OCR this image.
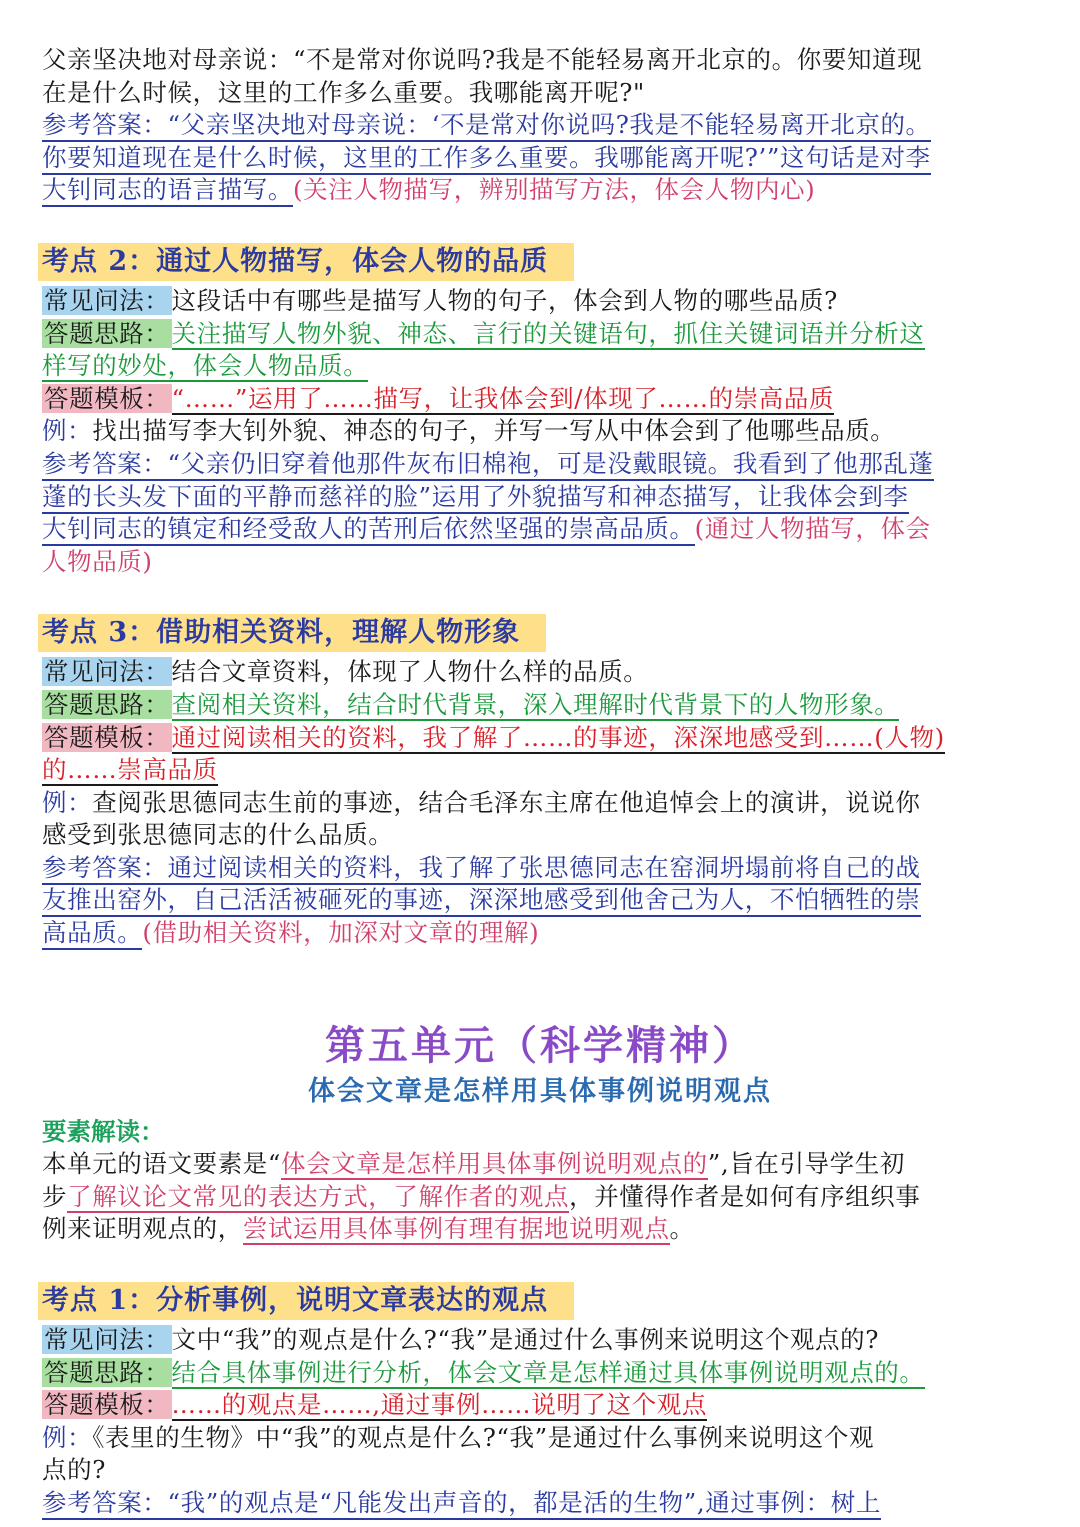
父亲坚决地对母亲说：“不是常对你说吗?我是不能轻易离开北京的。你要知道现

在是什么时候，这里的工作多么重要。我哪能离开呢?"

参考答案：“父亲坚决地对母亲说：‘不是常对你说吗?我是不能轻易离开北京的。

你要知道现在是什么时候，这里的工作多么重要。我哪能离开呢?’”这句话是对李

大钊同志的语言描写。(关注人物描写，辨别描写方法，体会人物内心)

考点 2：通过人物描写，体会人物的品质

常见问法：这段话中有哪些是描写人物的句子，体会到人物的哪些品质?

答题思路：关注描写人物外貌、神态、言行的关键语句，抓住关键词语并分析这

样写的妙处，体会人物品质。

答题模板：“……”运用了……描写，让我体会到/体现了……的崇高品质

例：找出描写李大钊外貌、神态的句子，并写一写从中体会到了他哪些品质。

参考答案：“父亲仍旧穿着他那件灰布旧棉袍，可是没戴眼镜。我看到了他那乱蓬

蓬的长头发下面的平静而慈祥的脸”运用了外貌描写和神态描写，让我体会到李

大钊同志的镇定和经受敌人的苦刑后依然坚强的崇高品质。(通过人物描写，体会

人物品质)

考点 3：借助相关资料，理解人物形象

常见问法：结合文章资料，体现了人物什么样的品质。

答题思路：查阅相关资料，结合时代背景，深入理解时代背景下的人物形象。

答题模板：通过阅读相关的资料，我了解了……的事迹，深深地感受到……(人物)

的……崇高品质

例：查阅张思德同志生前的事迹，结合毛泽东主席在他追悼会上的演讲，说说你

感受到张思德同志的什么品质。

参考答案：通过阅读相关的资料，我了解了张思德同志在窑洞坍塌前将自己的战

友推出窑外，自己活活被砸死的事迹，深深地感受到他舍己为人，不怕牺牲的崇

高品质。(借助相关资料，加深对文章的理解)

第五单元（科学精神）

体会文章是怎样用具体事例说明观点

要素解读：

本单元的语文要素是“体会文章是怎样用具体事例说明观点的”,旨在引导学生初

步了解议论文常见的表达方式，了解作者的观点，并懂得作者是如何有序组织事

例来证明观点的，尝试运用具体事例有理有据地说明观点。

考点 1：分析事例，说明文章表达的观点

常见问法：文中“我”的观点是什么?“我”是通过什么事例来说明这个观点的?

答题思路：结合具体事例进行分析，体会文章是怎样通过具体事例说明观点的。

答题模板：……的观点是……,通过事例……说明了这个观点

例：《表里的生物》中“我”的观点是什么?“我”是通过什么事例来说明这个观

点的?

参考答案：“我”的观点是“凡能发出声音的，都是活的生物”,通过事例：树上
